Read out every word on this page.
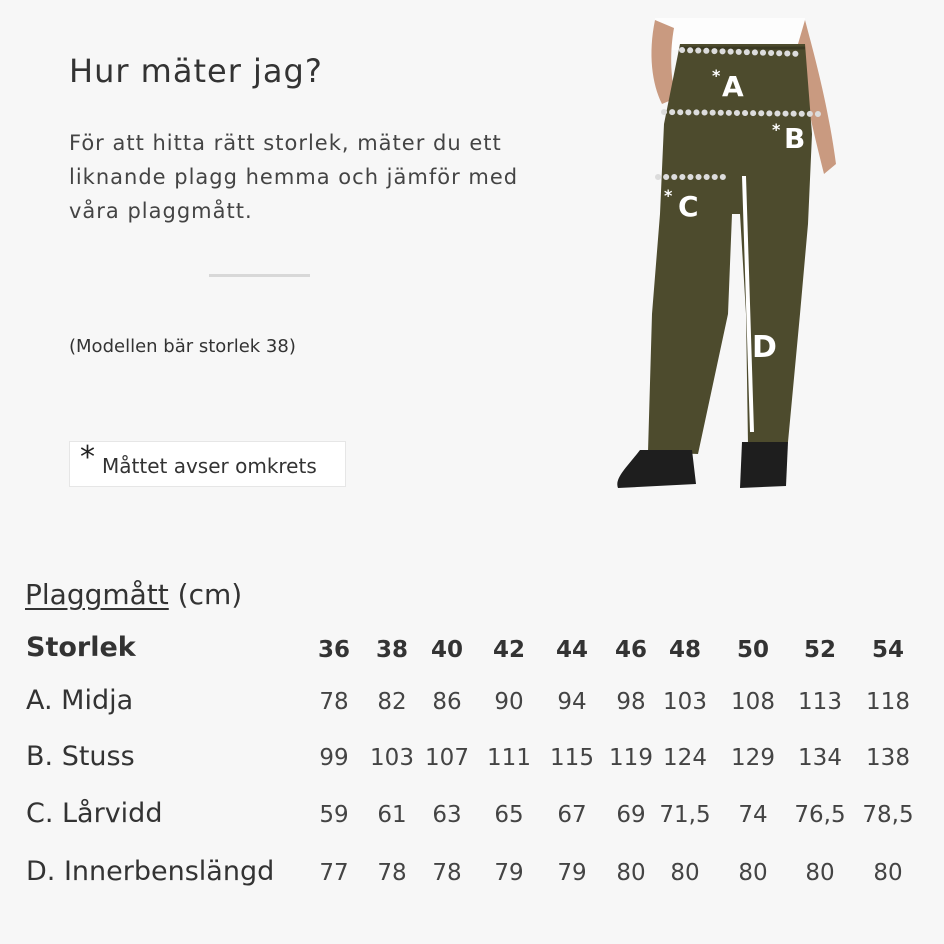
Hur mäter jag?
För att hitta rätt storlek, mäter du ett liknande plagg hemma och jämför med våra plaggmått.
(Modellen bär storlek 38)
* Måttet avser omkrets
* A
* B
* C
D
Plaggmått (cm)
Storlek	36 38 40 42 44 46 48 50 52 54
A. Midja	78 82 86 90 94 98 103 108 113 118
B. Stuss	99 103 107 111 115 119 124 129 134 138
C. Lårvidd	59 61 63 65 67 69 71,5 74 76,5 78,5
D. Innerbenslängd 77 78 78 79 79 80 80 80 80 80
